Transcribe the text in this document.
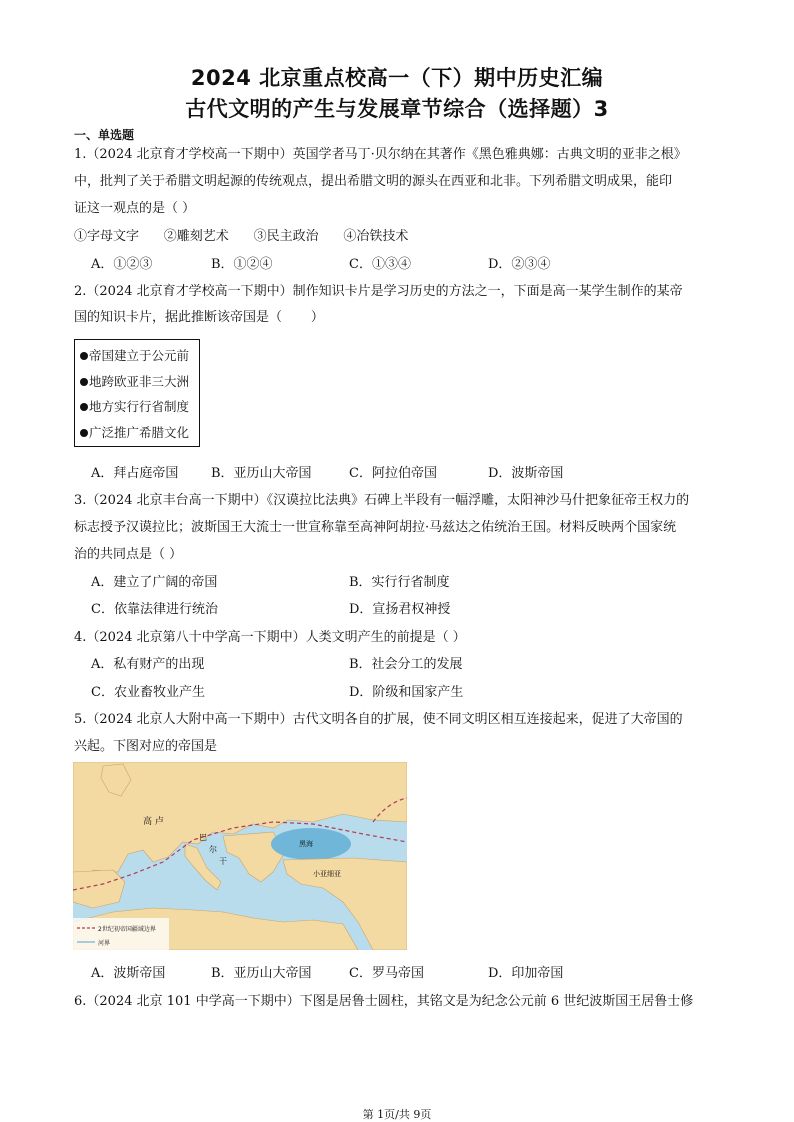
2024 北京重点校高一（下）期中历史汇编
古代文明的产生与发展章节综合（选择题）3
一、单选题
1.（2024 北京育才学校高一下期中）英国学者马丁·贝尔纳在其著作《黑色雅典娜：古典文明的亚非之根》
中，批判了关于希腊文明起源的传统观点，提出希腊文明的源头在西亚和北非。下列希腊文明成果，能印
证这一观点的是（ ）
①字母文字      ②雕刻艺术      ③民主政治      ④冶铁技术
A．①②③	B．①②④	C．①③④	D．②③④
2.（2024 北京育才学校高一下期中）制作知识卡片是学习历史的方法之一，下面是高一某学生制作的某帝
国的知识卡片，据此推断该帝国是（       ）
帝国建立于公元前
地跨欧亚非三大洲
地方实行行省制度
广泛推广希腊文化
A．拜占庭帝国	B．亚历山大帝国	C．阿拉伯帝国	D．波斯帝国
3.（2024 北京丰台高一下期中）《汉谟拉比法典》石碑上半段有一幅浮雕，太阳神沙马什把象征帝王权力的
标志授予汉谟拉比；波斯国王大流士一世宣称靠至高神阿胡拉·马兹达之佑统治王国。材料反映两个国家统
治的共同点是（ ）
A．建立了广阔的帝国	B．实行行省制度
C．依靠法律进行统治	D．宣扬君权神授
4.（2024 北京第八十中学高一下期中）人类文明产生的前提是（ ）
A．私有财产的出现	B．社会分工的发展
C．农业畜牧业产生	D．阶级和国家产生
5.（2024 北京人大附中高一下期中）古代文明各自的扩展，使不同文明区相互连接起来，促进了大帝国的
兴起。下图对应的帝国是
高 卢
巴
尔
干
黑海
小亚细亚
2世纪初帝国疆域边界
河界
A．波斯帝国	B．亚历山大帝国	C．罗马帝国	D．印加帝国
6.（2024 北京 101 中学高一下期中）下图是居鲁士圆柱，其铭文是为纪念公元前 6 世纪波斯国王居鲁士修
第 1页/共 9页
